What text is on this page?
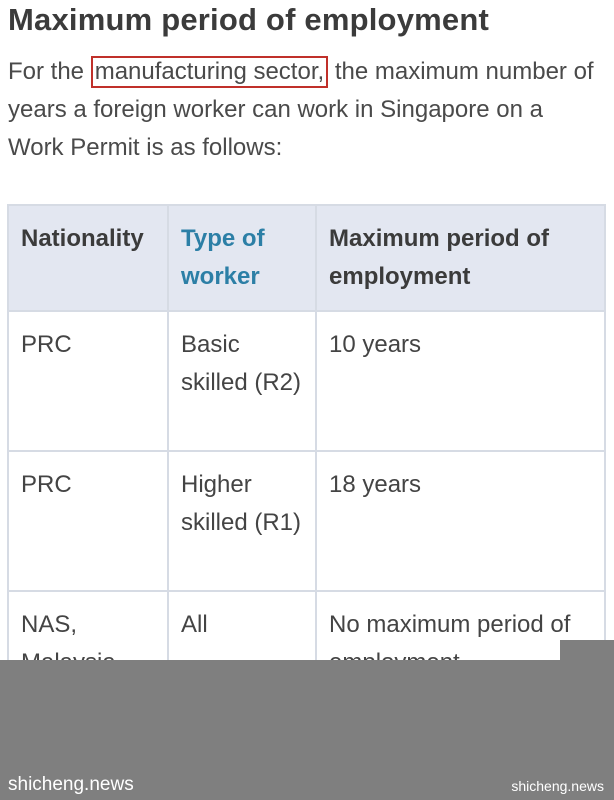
Maximum period of employment

For the manufacturing sector, the maximum number of years a foreign worker can work in Singapore on a Work Permit is as follows:

Nationality	Type of worker	Maximum period of employment
PRC	Basic skilled (R2)	10 years
PRC	Higher skilled (R1)	18 years
NAS,	All	No maximum period of
shicheng.news	shicheng.news
